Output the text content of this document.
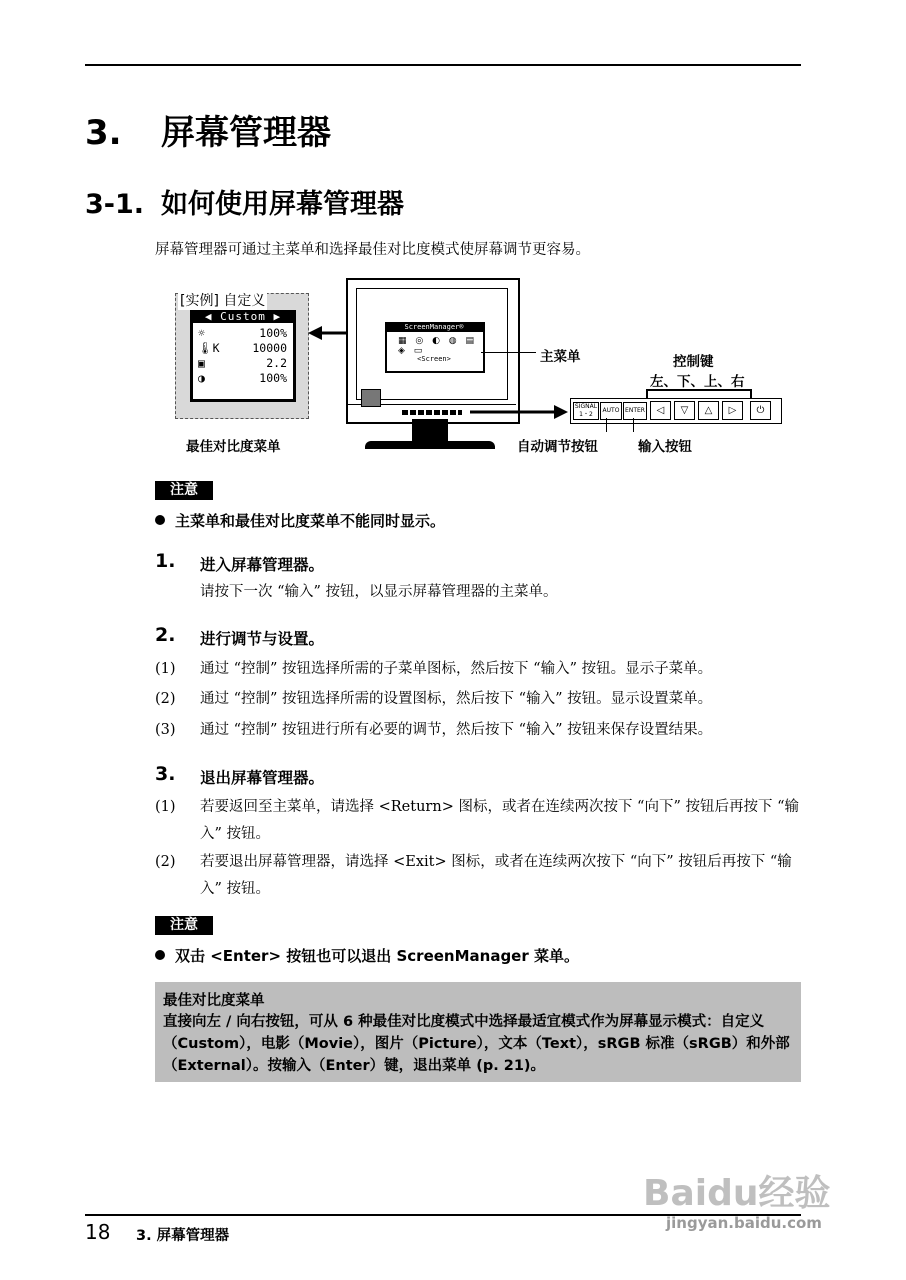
3. 屏幕管理器
3-1. 如何使用屏幕管理器
屏幕管理器可通过主菜单和选择最佳对比度模式使屏幕调节更容易。
[实例] 自定义
◀ Custom ▶
☼	100%
🌡K	10000
▣	2.2
◑	100%
最佳对比度菜单
ScreenManager®
▦ ◎ ◐ ◍ ▤
◈ ▭
<Screen>	主菜单	控制键
左、下、上、右
SIGNAL 1・2
AUTO ENTER	◁	▽	△	▷	⏻
自动调节按钮	输入按钮
注意
主菜单和最佳对比度菜单不能同时显示。
1. 进入屏幕管理器。
请按下一次 “输入” 按钮，以显示屏幕管理器的主菜单。
2. 进行调节与设置。
(1) 通过 “控制” 按钮选择所需的子菜单图标，然后按下 “输入” 按钮。显示子菜单。
(2) 通过 “控制” 按钮选择所需的设置图标，然后按下 “输入” 按钮。显示设置菜单。
(3) 通过 “控制” 按钮进行所有必要的调节，然后按下 “输入” 按钮来保存设置结果。
3. 退出屏幕管理器。
(1) 若要返回至主菜单，请选择 <Return> 图标，或者在连续两次按下 “向下” 按钮后再按下 “输入” 按钮。
(2) 若要退出屏幕管理器，请选择 <Exit> 图标，或者在连续两次按下 “向下” 按钮后再按下 “输入” 按钮。
注意
双击 <Enter> 按钮也可以退出 ScreenManager 菜单。
最佳对比度菜单
直接向左 / 向右按钮，可从 6 种最佳对比度模式中选择最适宜模式作为屏幕显示模式：自定义（Custom），电影（Movie），图片（Picture），文本（Text），sRGB 标准（sRGB）和外部（External）。按输入（Enter）键，退出菜单 (p. 21)。
Baidu经验
18 3. 屏幕管理器
jingyan.baidu.com
